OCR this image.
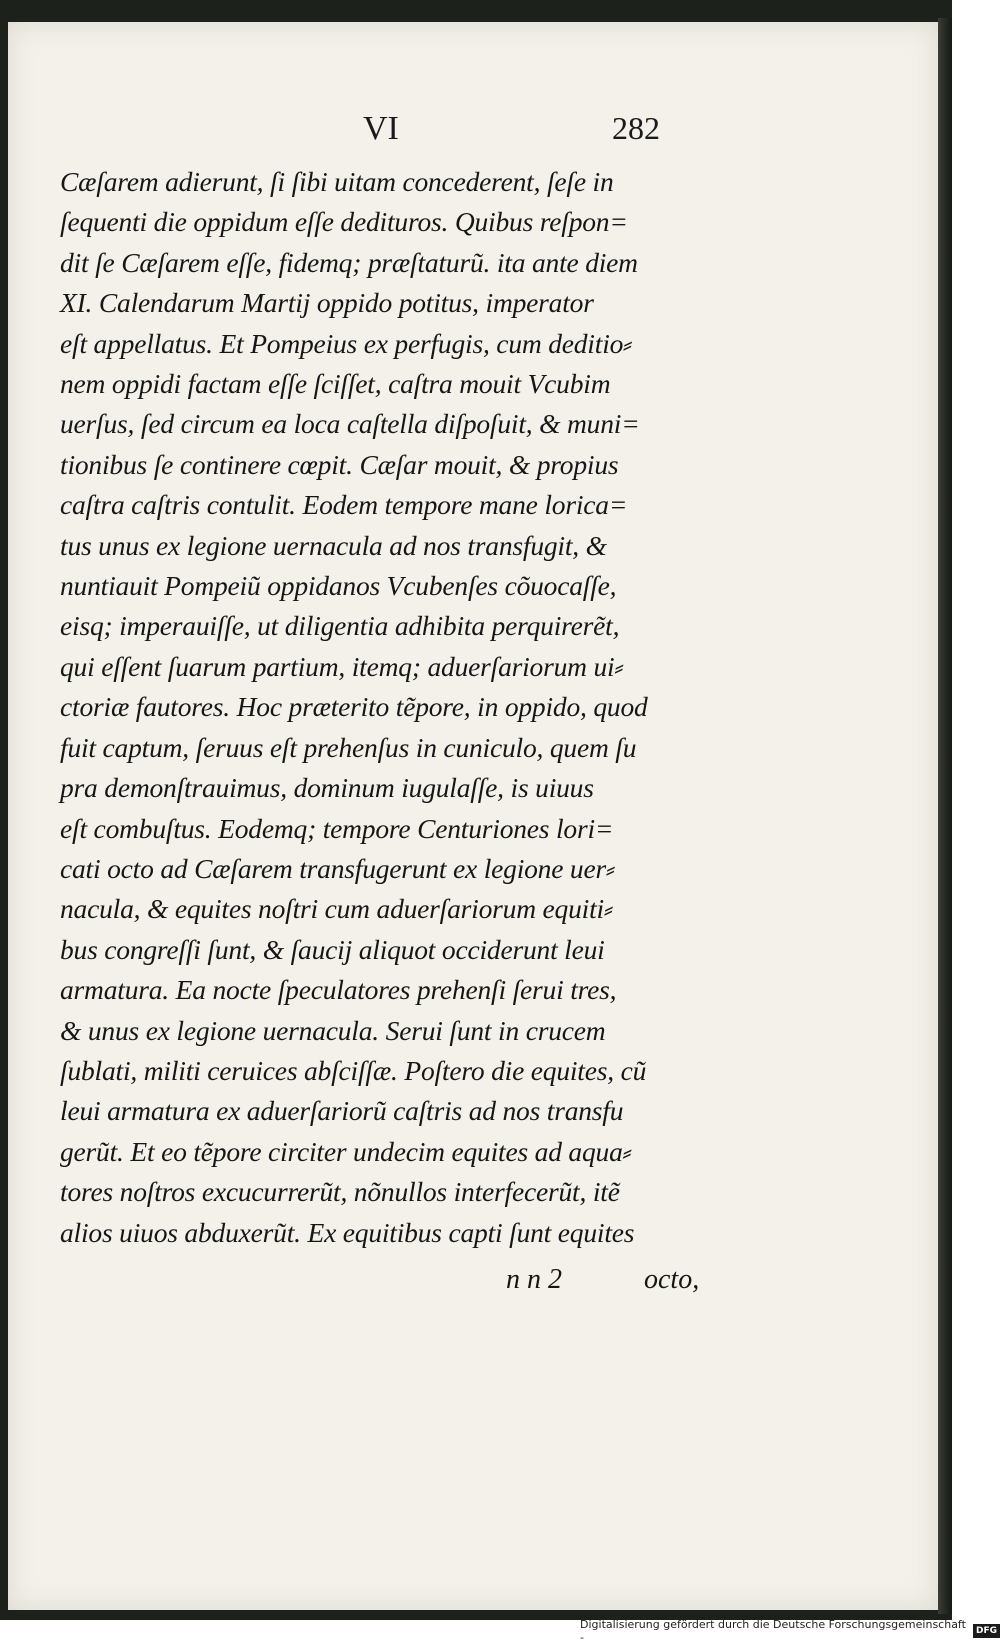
VI	282
Cæſarem adierunt, ſi ſibi uitam concederent, ſeſe in
ſequenti die oppidum eſſe dedituros. Quibus reſpon=
dit ſe Cæſarem eſſe, fidemq; præſtaturũ. ita ante diem
XI. Calendarum Martij oppido potitus, imperator
eſt appellatus. Et Pompeius ex perfugis, cum deditio⸗
nem oppidi factam eſſe ſciſſet, caſtra mouit Vcubim
uerſus, ſed circum ea loca caſtella diſpoſuit, & muni=
tionibus ſe continere cœpit. Cæſar mouit, & propius
caſtra caſtris contulit. Eodem tempore mane lorica=
tus unus ex legione uernacula ad nos transfugit, &
nuntiauit Pompeiũ oppidanos Vcubenſes cõuocaſſe,
eisq; imperauiſſe, ut diligentia adhibita perquirerẽt,
qui eſſent ſuarum partium, itemq; aduerſariorum ui⸗
ctoriæ fautores. Hoc præterito tẽpore, in oppido, quod
fuit captum, ſeruus eſt prehenſus in cuniculo, quem ſu
pra demonſtrauimus, dominum iugulaſſe, is uiuus
eſt combuſtus. Eodemq; tempore Centuriones lori=
cati octo ad Cæſarem transfugerunt ex legione uer⸗
nacula, & equites noſtri cum aduerſariorum equiti⸗
bus congreſſi ſunt, & ſaucij aliquot occiderunt leui
armatura. Ea nocte ſpeculatores prehenſi ſerui tres,
& unus ex legione uernacula. Serui ſunt in crucem
ſublati, militi ceruices abſciſſæ. Poſtero die equites, cũ
leui armatura ex aduerſariorũ caſtris ad nos transfu
gerũt. Et eo tẽpore circiter undecim equites ad aqua⸗
tores noſtros excucurrerũt, nõnullos interfecerũt, itẽ
alios uiuos abduxerũt. Ex equitibus capti ſunt equites
n n 2	octo,
Digitalisierung gefördert durch die Deutsche Forschungsgemeinschaft -	DFG
